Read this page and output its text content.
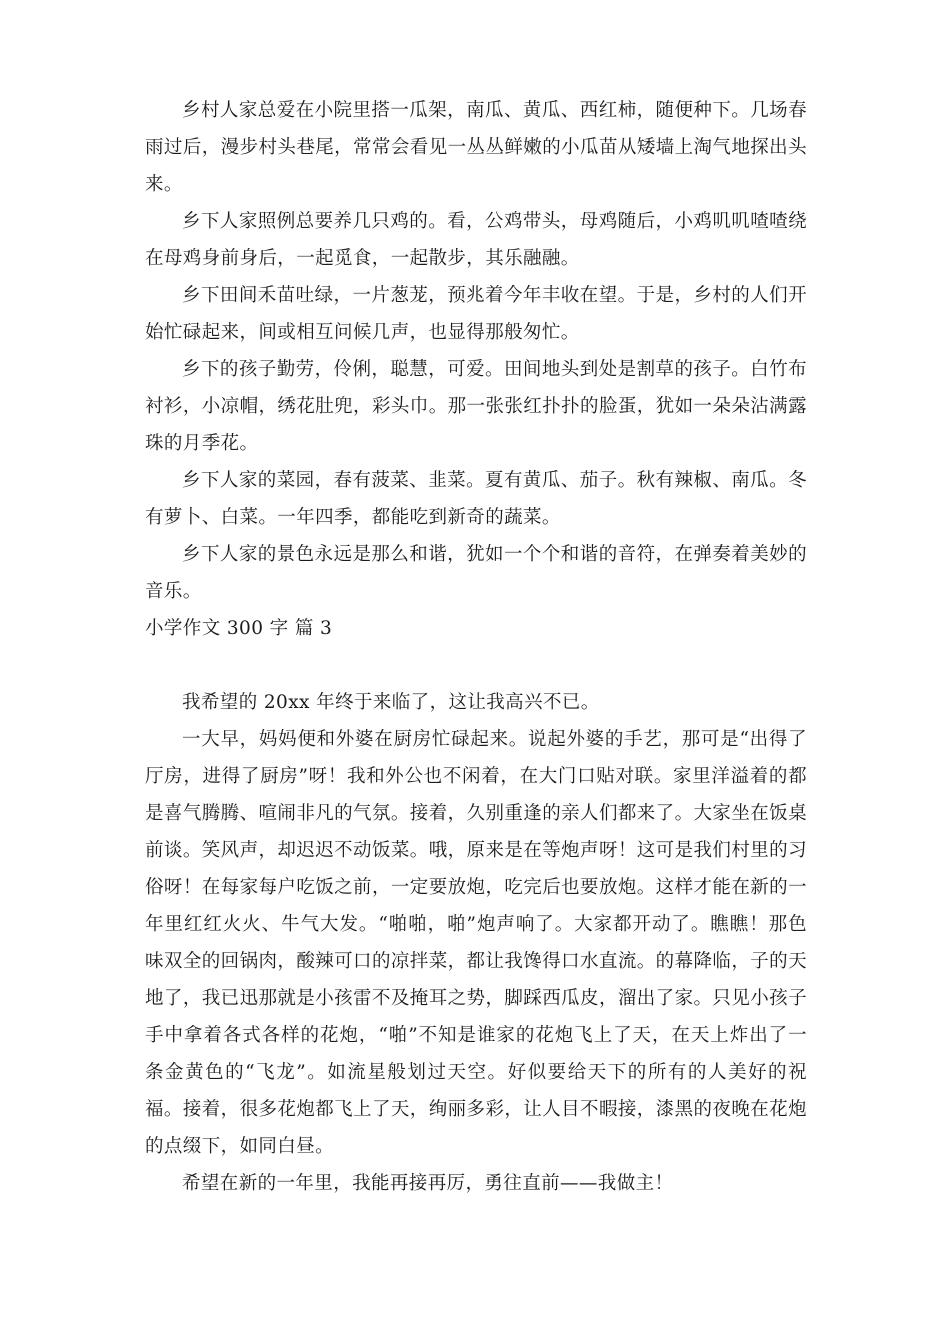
乡村人家总爱在小院里搭一瓜架，南瓜、黄瓜、西红柿，随便种下。几场春雨过后，漫步村头巷尾，常常会看见一丛丛鲜嫩的小瓜苗从矮墙上淘气地探出头来。

乡下人家照例总要养几只鸡的。看，公鸡带头，母鸡随后，小鸡叽叽喳喳绕在母鸡身前身后，一起觅食，一起散步，其乐融融。

乡下田间禾苗吐绿，一片葱茏，预兆着今年丰收在望。于是，乡村的人们开始忙碌起来，间或相互问候几声，也显得那般匆忙。

乡下的孩子勤劳，伶俐，聪慧，可爱。田间地头到处是割草的孩子。白竹布衬衫，小凉帽，绣花肚兜，彩头巾。那一张张红扑扑的脸蛋，犹如一朵朵沾满露珠的月季花。

乡下人家的菜园，春有菠菜、韭菜。夏有黄瓜、茄子。秋有辣椒、南瓜。冬有萝卜、白菜。一年四季，都能吃到新奇的蔬菜。

乡下人家的景色永远是那么和谐，犹如一个个和谐的音符，在弹奏着美妙的音乐。

小学作文 300 字 篇 3

我希望的 20xx 年终于来临了，这让我高兴不已。

一大早，妈妈便和外婆在厨房忙碌起来。说起外婆的手艺，那可是“出得了厅房，进得了厨房”呀！我和外公也不闲着，在大门口贴对联。家里洋溢着的都是喜气腾腾、喧闹非凡的气氛。接着，久别重逢的亲人们都来了。大家坐在饭桌前谈。笑风声，却迟迟不动饭菜。哦，原来是在等炮声呀！这可是我们村里的习俗呀！在每家每户吃饭之前，一定要放炮，吃完后也要放炮。这样才能在新的一年里红红火火、牛气大发。“啪啪，啪”炮声响了。大家都开动了。瞧瞧！那色味双全的回锅肉，酸辣可口的凉拌菜，都让我馋得口水直流。的幕降临，子的天地了，我已迅那就是小孩雷不及掩耳之势，脚踩西瓜皮，溜出了家。只见小孩子手中拿着各式各样的花炮，“啪”不知是谁家的花炮飞上了天，在天上炸出了一条金黄色的“飞龙”。如流星般划过天空。好似要给天下的所有的人美好的祝福。接着，很多花炮都飞上了天，绚丽多彩，让人目不暇接，漆黑的夜晚在花炮的点缀下，如同白昼。

希望在新的一年里，我能再接再厉，勇往直前——我做主！
